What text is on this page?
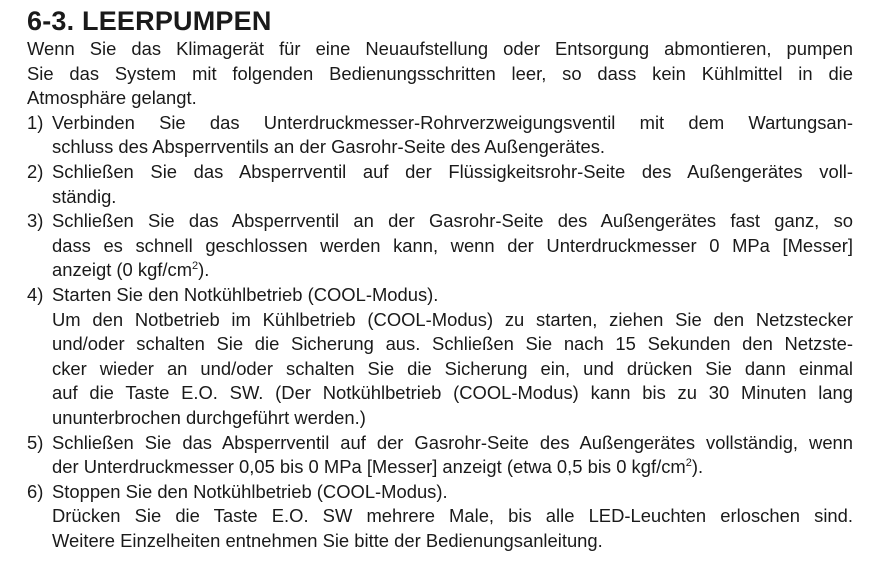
6-3. LEERPUMPEN

Wenn Sie das Klimagerät für eine Neuaufstellung oder Entsorgung abmontieren, pumpen
Sie das System mit folgenden Bedienungsschritten leer, so dass kein Kühlmittel in die
Atmosphäre gelangt.

1) Verbinden Sie das Unterdruckmesser-Rohrverzweigungsventil mit dem Wartungsan-
schluss des Absperrventils an der Gasrohr-Seite des Außengerätes.
2) Schließen Sie das Absperrventil auf der Flüssigkeitsrohr-Seite des Außengerätes voll-
ständig.
3) Schließen Sie das Absperrventil an der Gasrohr-Seite des Außengerätes fast ganz, so
dass es schnell geschlossen werden kann, wenn der Unterdruckmesser 0 MPa [Messer]
anzeigt (0 kgf/$cm^2$).
4) Starten Sie den Notkühlbetrieb (COOL-Modus).
Um den Notbetrieb im Kühlbetrieb (COOL-Modus) zu starten, ziehen Sie den Netzstecker
und/oder schalten Sie die Sicherung aus. Schließen Sie nach 15 Sekunden den Netzste-
cker wieder an und/oder schalten Sie die Sicherung ein, und drücken Sie dann einmal
auf die Taste E.O. SW. (Der Notkühlbetrieb (COOL-Modus) kann bis zu 30 Minuten lang
ununterbrochen durchgeführt werden.)
5) Schließen Sie das Absperrventil auf der Gasrohr-Seite des Außengerätes vollständig, wenn
der Unterdruckmesser 0,05 bis 0 MPa [Messer] anzeigt (etwa 0,5 bis 0 kgf/$cm^2$).
6) Stoppen Sie den Notkühlbetrieb (COOL-Modus).
Drücken Sie die Taste E.O. SW mehrere Male, bis alle LED-Leuchten erloschen sind.
Weitere Einzelheiten entnehmen Sie bitte der Bedienungsanleitung.
